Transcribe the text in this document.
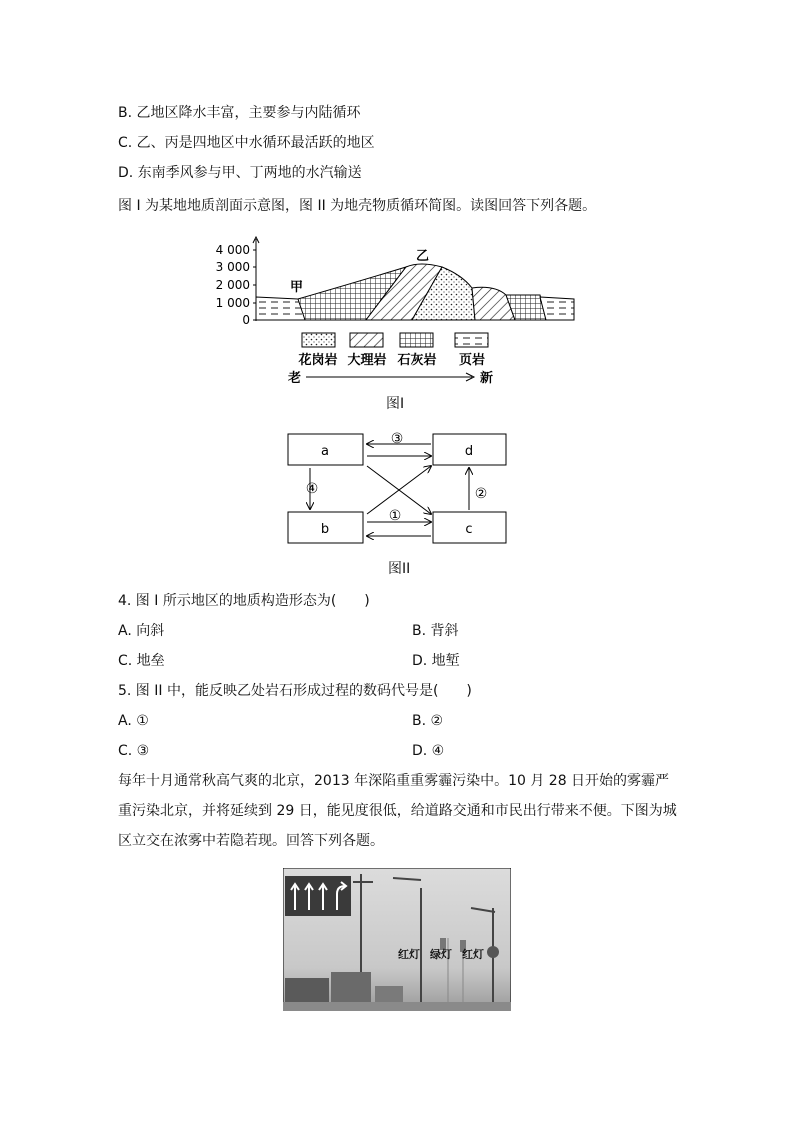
B. 乙地区降水丰富，主要参与内陆循环
C. 乙、丙是四地区中水循环最活跃的地区
D. 东南季风参与甲、丁两地的水汽输送
图 I 为某地地质剖面示意图，图 II 为地壳物质循环简图。读图回答下列各题。
4 000
3 000
2 000
1 000
0
甲
乙
花岗岩 大理岩 石灰岩 页岩
老	新
图I
a	d
b	c
③
④	②
①
图II
4. 图 I 所示地区的地质构造形态为(　　)
A. 向斜	B. 背斜
C. 地垒	D. 地堑
5. 图 II 中，能反映乙处岩石形成过程的数码代号是(　　)
A. ①	B. ②
C. ③	D. ④
每年十月通常秋高气爽的北京，2013 年深陷重重雾霾污染中。10 月 28 日开始的雾霾严重污染北京，并将延续到 29 日，能见度很低，给道路交通和市民出行带来不便。下图为城区立交在浓雾中若隐若现。回答下列各题。
红灯 绿灯 红灯
